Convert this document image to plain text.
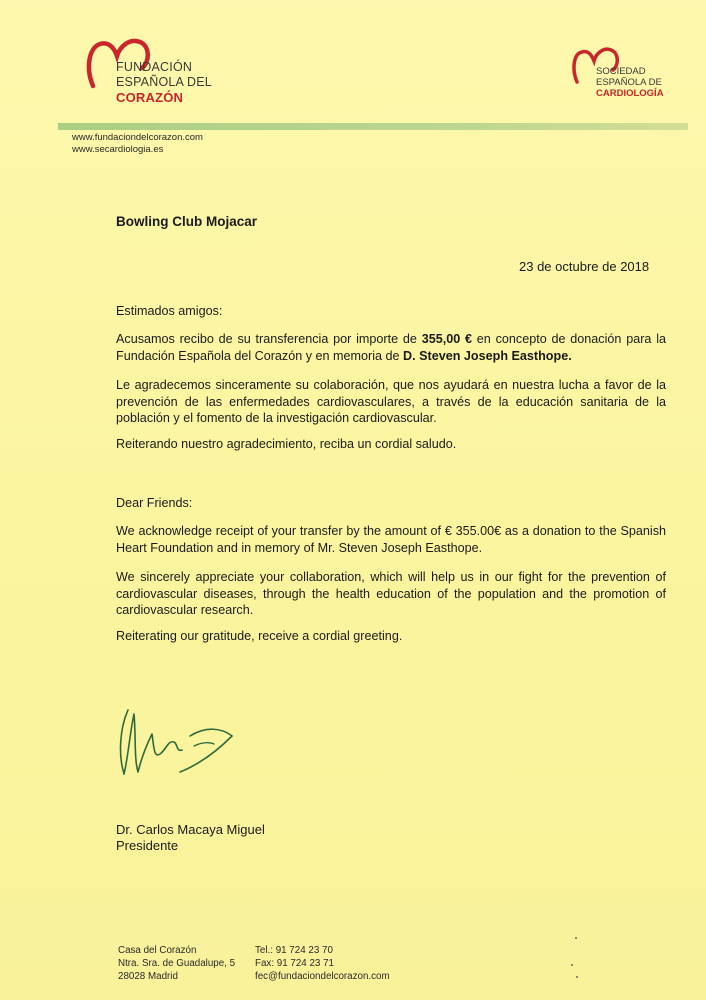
FUNDACIÓN
ESPAÑOLA DEL
CORAZÓN
SOCIEDAD
ESPAÑOLA DE
CARDIOLOGÍA
www.fundaciondelcorazon.com
www.secardiologia.es
Bowling Club Mojacar
23 de octubre de 2018
Estimados amigos:
Acusamos recibo de su transferencia por importe de 355,00 € en concepto de donación para la Fundación Española del Corazón y en memoria de D. Steven Joseph Easthope.
Le agradecemos sinceramente su colaboración, que nos ayudará en nuestra lucha a favor de la prevención de las enfermedades cardiovasculares, a través de la educación sanitaria de la población y el fomento de la investigación cardiovascular.
Reiterando nuestro agradecimiento, reciba un cordial saludo.
Dear Friends:
We acknowledge receipt of your transfer by the amount of € 355.00€ as a donation to the Spanish Heart Foundation and in memory of Mr. Steven Joseph Easthope.
We sincerely appreciate your collaboration, which will help us in our fight for the prevention of cardiovascular diseases, through the health education of the population and the promotion of cardiovascular research.
Reiterating our gratitude, receive a cordial greeting.
Dr. Carlos Macaya Miguel
Presidente
Casa del Corazón
Ntra. Sra. de Guadalupe, 5
28028 Madrid
Tel.: 91 724 23 70
Fax: 91 724 23 71
fec@fundaciondelcorazon.com
